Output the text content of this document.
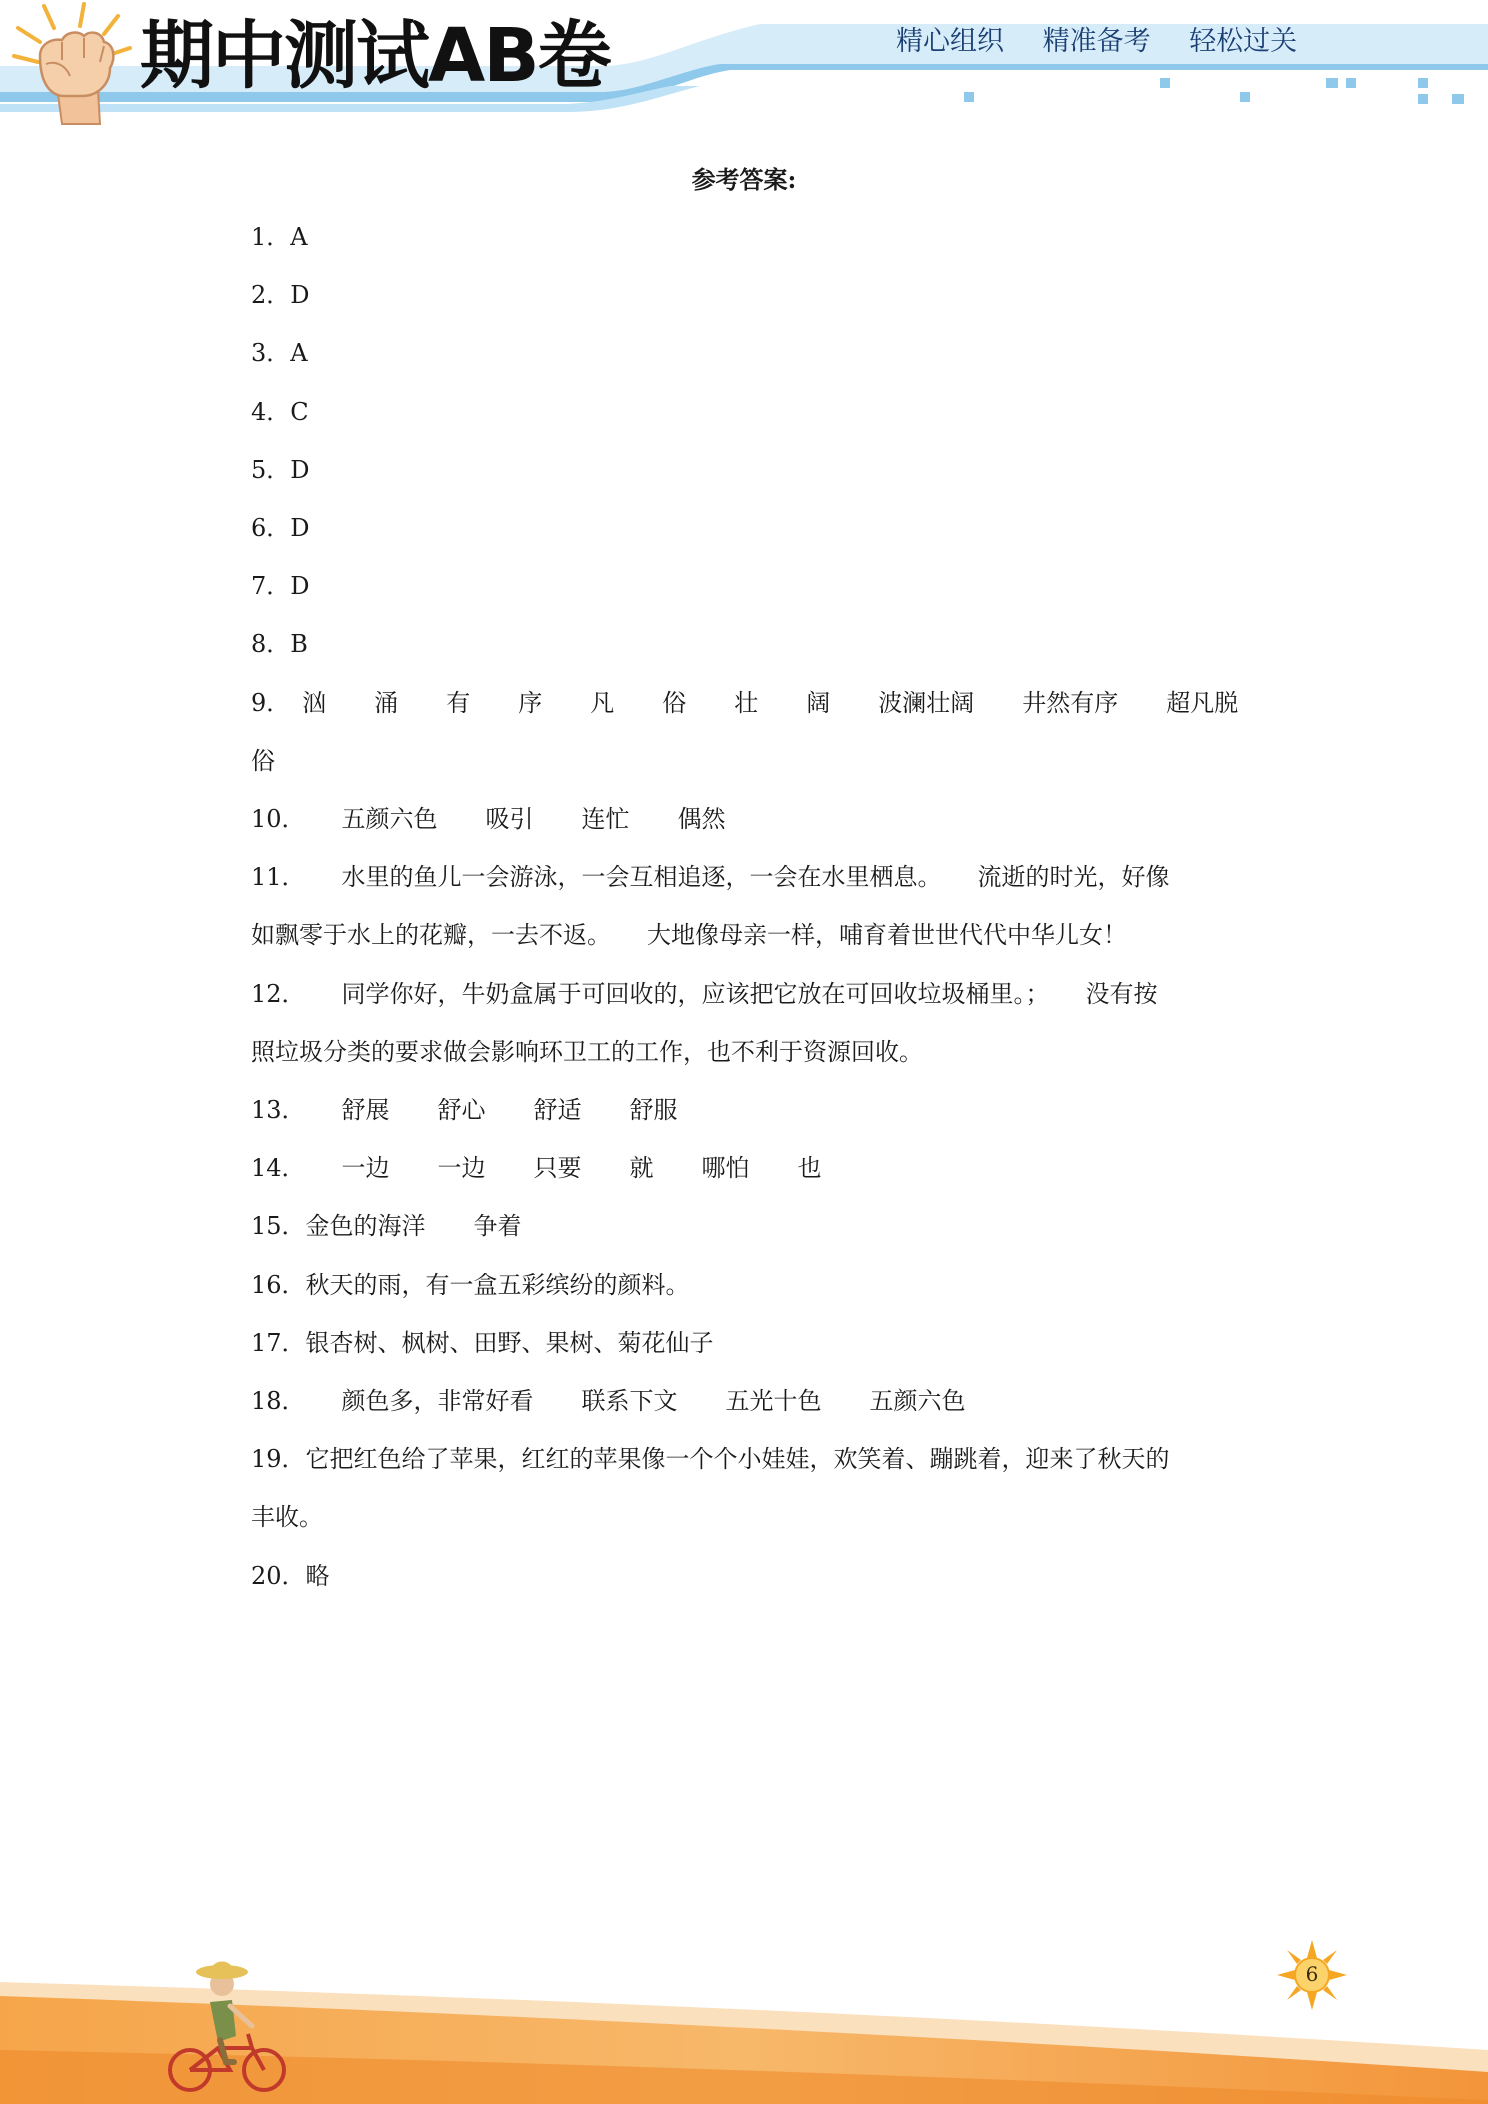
期中测试AB卷	精心组织 精准备考 轻松过关
参考答案:

1．A

2．D

3．A

4．C

5．D

6．D

7．D

8．B

9．　汹　　涌　　有　　序　　凡　　俗　　壮　　阔　　波澜壮阔　　井然有序　　超凡脱俗

10．　　五颜六色　　吸引　　连忙　　偶然

11．　　水里的鱼儿一会游泳，一会互相追逐，一会在水里栖息。　　流逝的时光，好像

如飘零于水上的花瓣，一去不返。　　大地像母亲一样，哺育着世世代代中华儿女！

12．　　同学你好，牛奶盒属于可回收的，应该把它放在可回收垃圾桶里。；　　没有按

照垃圾分类的要求做会影响环卫工的工作，也不利于资源回收。

13．　　舒展　　舒心　　舒适　　舒服

14．　　一边　　一边　　只要　　就　　哪怕　　也

15．金色的海洋　　争着

16．秋天的雨，有一盒五彩缤纷的颜料。

17．银杏树、枫树、田野、果树、菊花仙子

18．　　颜色多，非常好看　　联系下文　　五光十色　　五颜六色

19．它把红色给了苹果，红红的苹果像一个个小娃娃，欢笑着、蹦跳着，迎来了秋天的

丰收。

20．略

6
